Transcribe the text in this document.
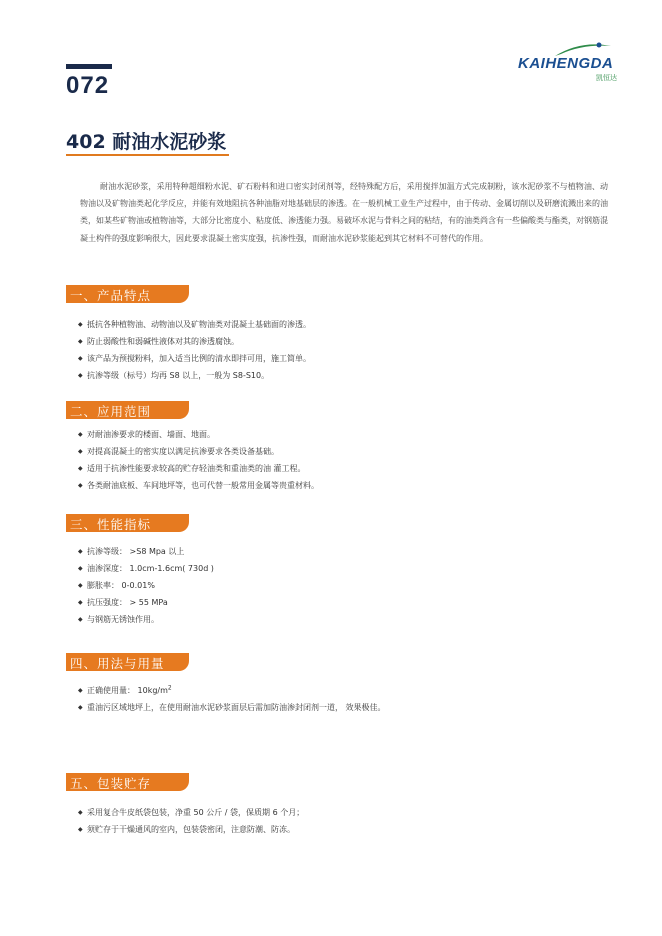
KAIHENGDA
凯恒达
072
402 耐油水泥砂浆
耐油水泥砂浆，采用特种超细粉水泥、矿石粉料和进口密实封闭剂等，经特殊配方后，采用搅拌加温方式完成制粉，该水泥砂浆不与植物油、动物油以及矿物油类起化学反应，并能有效地阻抗各种油脂对地基础层的渗透。在一般机械工业生产过程中，由于传动、金属切削以及研磨流溅出来的油类，如某些矿物油或植物油等，大部分比密度小、粘度低、渗透能力强。易破坏水泥与骨料之间的粘结，有的油类尚含有一些偏酸类与酯类，对钢筋混凝土构件的强度影响很大，因此要求混凝土密实度强，抗渗性强，而耐油水泥砂浆能起到其它材料不可替代的作用。
一、产品特点
◆ 抵抗各种植物油、动物油以及矿物油类对混凝土基础面的渗透。
◆ 防止弱酸性和弱碱性液体对其的渗透腐蚀。
◆ 该产品为预搅粉料，加入适当比例的清水即拌可用，施工简单。
◆ 抗渗等级（标号）均再 S8 以上，一般为 S8-S10。
二、应用范围
◆ 对耐油渗要求的楼面、墙面、地面。
◆ 对提高混凝土的密实度以满足抗渗要求各类设备基础。
◆ 适用于抗渗性能要求较高的贮存轻油类和重油类的油 灌工程。
◆ 各类耐油底板、车间地坪等，也可代替一般常用金属等贵重材料。
三、性能指标
◆ 抗渗等级： >S8 Mpa 以上
◆ 油渗深度： 1.0cm-1.6cm( 730d )
◆ 膨胀率： 0-0.01%
◆ 抗压强度： > 55 MPa
◆ 与钢筋无锈蚀作用。
四、用法与用量
◆ 正确使用量： $10kg/m^2$
◆ 重油污区域地坪上，在使用耐油水泥砂浆面层后需加防油渗封闭剂一道， 效果极佳。
五、包装贮存
◆ 采用复合牛皮纸袋包装，净重 50 公斤 / 袋，保质期 6 个月；
◆ 须贮存于干燥通风的室内，包装袋密闭，注意防潮、防冻。
